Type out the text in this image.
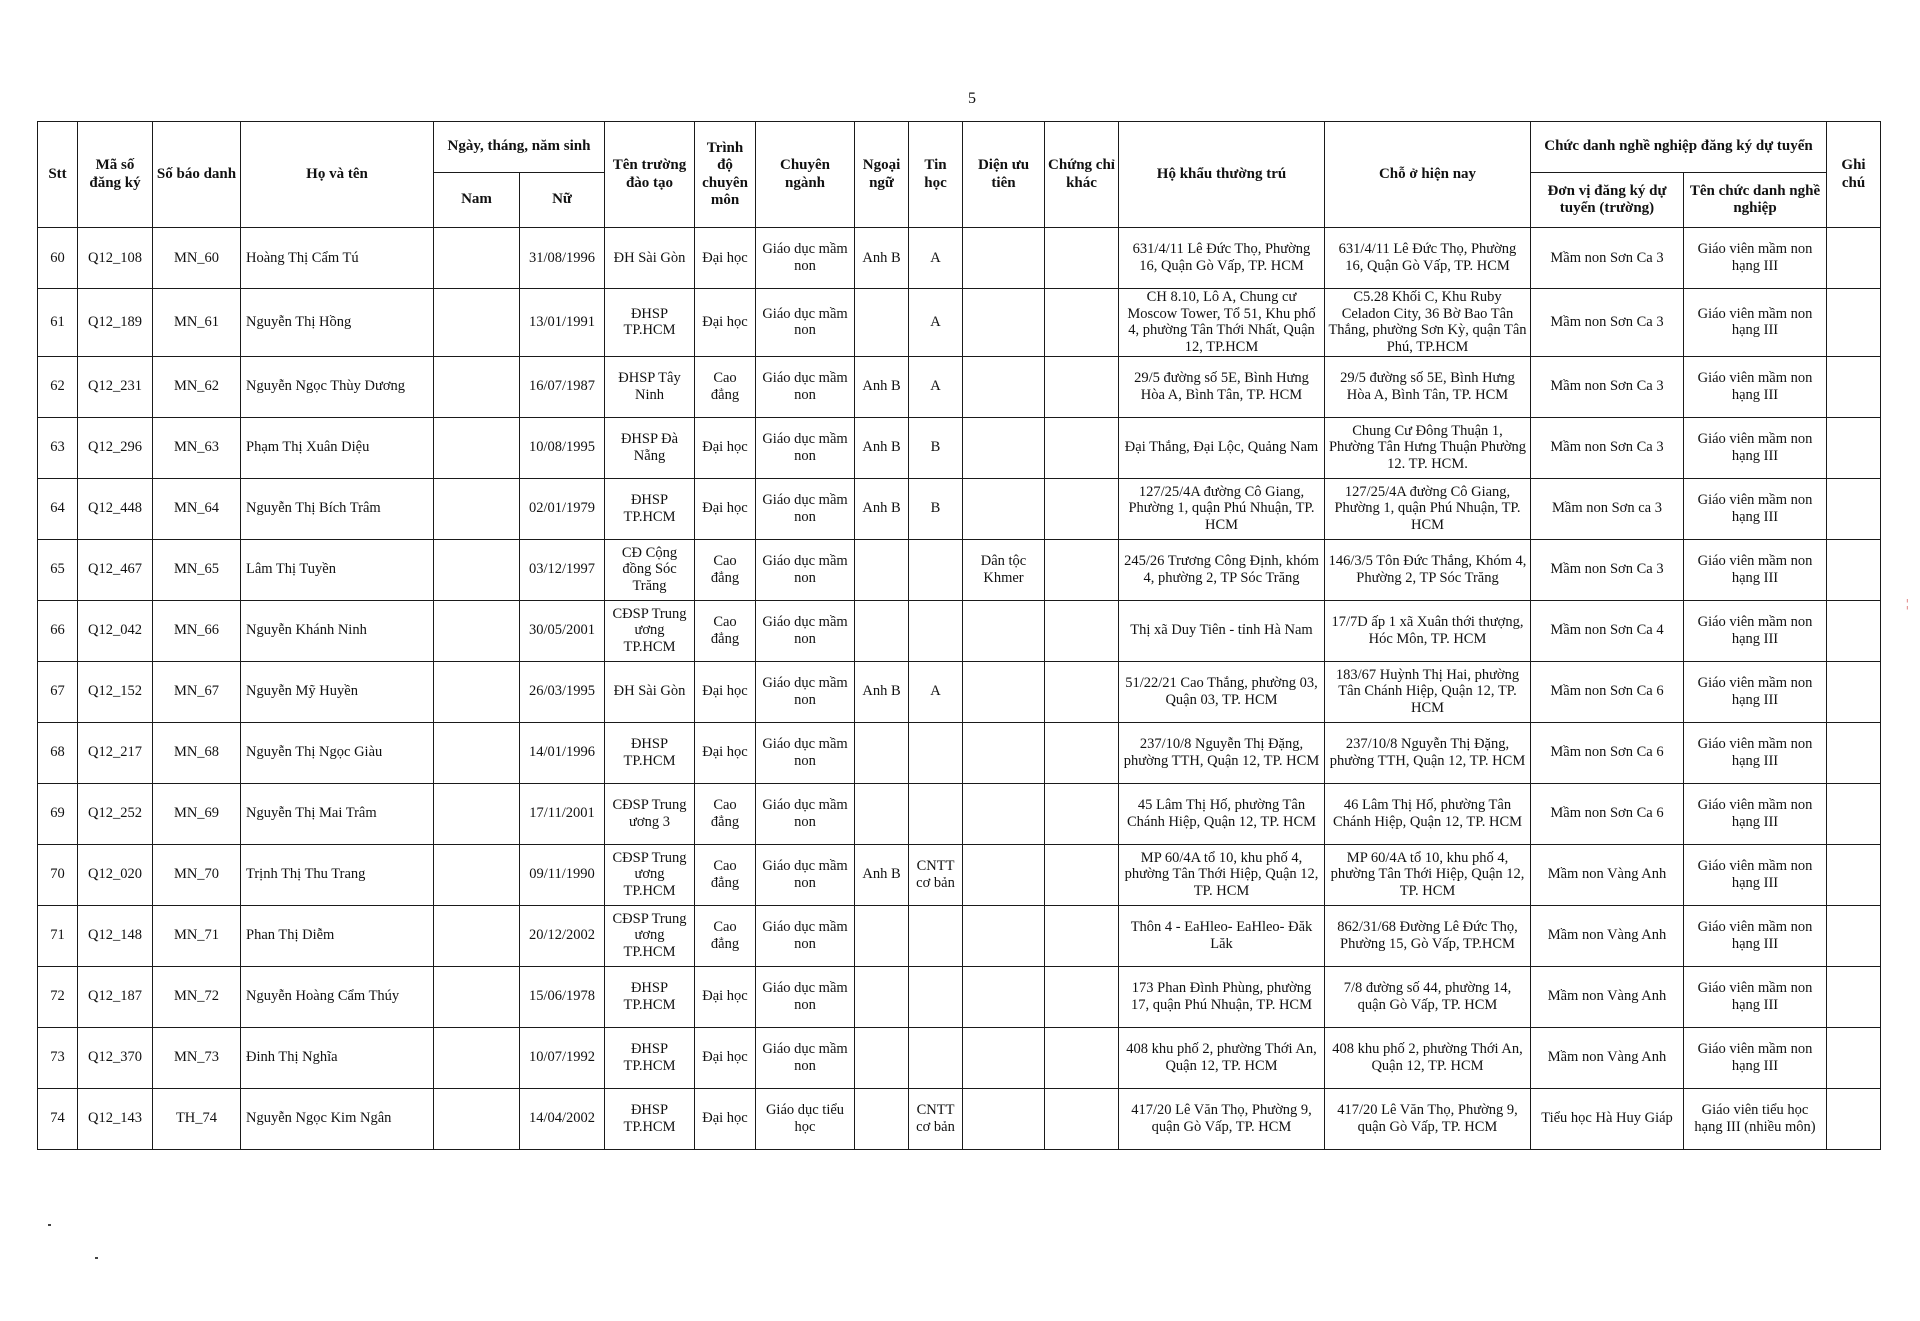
5
Stt	Mã số đăng ký	Số báo danh	Họ và tên	Ngày, tháng, năm sinh		Tên trường đào tạo	Trình độ chuyên môn	Chuyên ngành	Ngoại ngữ	Tin học	Diện ưu tiên	Chứng chỉ khác	Hộ khẩu thường trú	Chỗ ở hiện nay	Chức danh nghề nghiệp đăng ký dự tuyển		Ghi chú
				Nam	Nữ										Đơn vị đăng ký dự tuyển (trường)	Tên chức danh nghề nghiệp	
60	Q12_108	MN_60	Hoàng Thị Cẩm Tú		31/08/1996	ĐH Sài Gòn	Đại học	Giáo dục mầm non	Anh B	A			631/4/11 Lê Đức Thọ, Phường 16, Quận Gò Vấp, TP. HCM	631/4/11 Lê Đức Thọ, Phường 16, Quận Gò Vấp, TP. HCM	Mầm non Sơn Ca 3	Giáo viên mầm non hạng III	
61	Q12_189	MN_61	Nguyễn Thị Hồng		13/01/1991	ĐHSP TP.HCM	Đại học	Giáo dục mầm non		A			CH 8.10, Lô A, Chung cư Moscow Tower, Tổ 51, Khu phố 4, phường Tân Thới Nhất, Quận 12, TP.HCM	C5.28 Khối C, Khu Ruby Celadon City, 36 Bờ Bao Tân Thắng, phường Sơn Kỳ, quận Tân Phú, TP.HCM	Mầm non Sơn Ca 3	Giáo viên mầm non hạng III	
62	Q12_231	MN_62	Nguyễn Ngọc Thùy Dương		16/07/1987	ĐHSP Tây Ninh	Cao đẳng	Giáo dục mầm non	Anh B	A			29/5 đường số 5E, Bình Hưng Hòa A, Bình Tân, TP. HCM	29/5 đường số 5E, Bình Hưng Hòa A, Bình Tân, TP. HCM	Mầm non Sơn Ca 3	Giáo viên mầm non hạng III	
63	Q12_296	MN_63	Phạm Thị Xuân Diệu		10/08/1995	ĐHSP Đà Nẵng	Đại học	Giáo dục mầm non	Anh B	B			Đại Thắng, Đại Lộc, Quảng Nam	Chung Cư Đông Thuận 1, Phường Tân Hưng Thuận Phường 12. TP. HCM.	Mầm non Sơn Ca 3	Giáo viên mầm non hạng III	
64	Q12_448	MN_64	Nguyễn Thị Bích Trâm		02/01/1979	ĐHSP TP.HCM	Đại học	Giáo dục mầm non	Anh B	B			127/25/4A đường Cô Giang, Phường 1, quận Phú Nhuận, TP. HCM	127/25/4A đường Cô Giang, Phường 1, quận Phú Nhuận, TP. HCM	Mầm non Sơn ca 3	Giáo viên mầm non hạng III	
65	Q12_467	MN_65	Lâm Thị Tuyền		03/12/1997	CĐ Cộng đồng Sóc Trăng	Cao đẳng	Giáo dục mầm non			Dân tộc Khmer		245/26 Trương Công Định, khóm 4, phường 2, TP Sóc Trăng	146/3/5 Tôn Đức Thắng, Khóm 4, Phường 2, TP Sóc Trăng	Mầm non Sơn Ca 3	Giáo viên mầm non hạng III	
66	Q12_042	MN_66	Nguyễn Khánh Ninh		30/05/2001	CĐSP Trung ương TP.HCM	Cao đẳng	Giáo dục mầm non					Thị xã Duy Tiên - tỉnh Hà Nam	17/7D ấp 1 xã Xuân thới thượng, Hóc Môn, TP. HCM	Mầm non Sơn Ca 4	Giáo viên mầm non hạng III	
67	Q12_152	MN_67	Nguyễn Mỹ Huyền		26/03/1995	ĐH Sài Gòn	Đại học	Giáo dục mầm non	Anh B	A			51/22/21 Cao Thắng, phường 03, Quận 03, TP. HCM	183/67 Huỳnh Thị Hai, phường Tân Chánh Hiệp, Quận 12, TP. HCM	Mầm non Sơn Ca 6	Giáo viên mầm non hạng III	
68	Q12_217	MN_68	Nguyễn Thị Ngọc Giàu		14/01/1996	ĐHSP TP.HCM	Đại học	Giáo dục mầm non					237/10/8 Nguyễn Thị Đặng, phường TTH, Quận 12, TP. HCM	237/10/8 Nguyễn Thị Đặng, phường TTH, Quận 12, TP. HCM	Mầm non Sơn Ca 6	Giáo viên mầm non hạng III	
69	Q12_252	MN_69	Nguyễn Thị Mai Trâm		17/11/2001	CĐSP Trung ương 3	Cao đẳng	Giáo dục mầm non					45 Lâm Thị Hố, phường Tân Chánh Hiệp, Quận 12, TP. HCM	46 Lâm Thị Hố, phường Tân Chánh Hiệp, Quận 12, TP. HCM	Mầm non Sơn Ca 6	Giáo viên mầm non hạng III	
70	Q12_020	MN_70	Trịnh Thị Thu Trang		09/11/1990	CĐSP Trung ương TP.HCM	Cao đẳng	Giáo dục mầm non	Anh B	CNTT cơ bản			MP 60/4A tổ 10, khu phố 4, phường Tân Thới Hiệp, Quận 12, TP. HCM	MP 60/4A tổ 10, khu phố 4, phường Tân Thới Hiệp, Quận 12, TP. HCM	Mầm non Vàng Anh	Giáo viên mầm non hạng III	
71	Q12_148	MN_71	Phan Thị Diễm		20/12/2002	CĐSP Trung ương TP.HCM	Cao đẳng	Giáo dục mầm non					Thôn 4 - EaHleo- EaHleo- Đăk Lăk	862/31/68 Đường Lê Đức Thọ, Phường 15, Gò Vấp, TP.HCM	Mầm non Vàng Anh	Giáo viên mầm non hạng III	
72	Q12_187	MN_72	Nguyễn Hoàng Cẩm Thúy		15/06/1978	ĐHSP TP.HCM	Đại học	Giáo dục mầm non					173 Phan Đình Phùng, phường 17, quận Phú Nhuận, TP. HCM	7/8 đường số 44, phường 14, quận Gò Vấp, TP. HCM	Mầm non Vàng Anh	Giáo viên mầm non hạng III	
73	Q12_370	MN_73	Đinh Thị Nghĩa		10/07/1992	ĐHSP TP.HCM	Đại học	Giáo dục mầm non					408 khu phố 2, phường Thới An, Quận 12, TP. HCM	408 khu phố 2, phường Thới An, Quận 12, TP. HCM	Mầm non Vàng Anh	Giáo viên mầm non hạng III	
74	Q12_143	TH_74	Nguyễn Ngọc Kim Ngân		14/04/2002	ĐHSP TP.HCM	Đại học	Giáo dục tiểu học		CNTT cơ bản			417/20 Lê Văn Thọ, Phường 9, quận Gò Vấp, TP. HCM	417/20 Lê Văn Thọ, Phường 9, quận Gò Vấp, TP. HCM	Tiểu học Hà Huy Giáp	Giáo viên tiểu học hạng III (nhiều môn)	
¦
